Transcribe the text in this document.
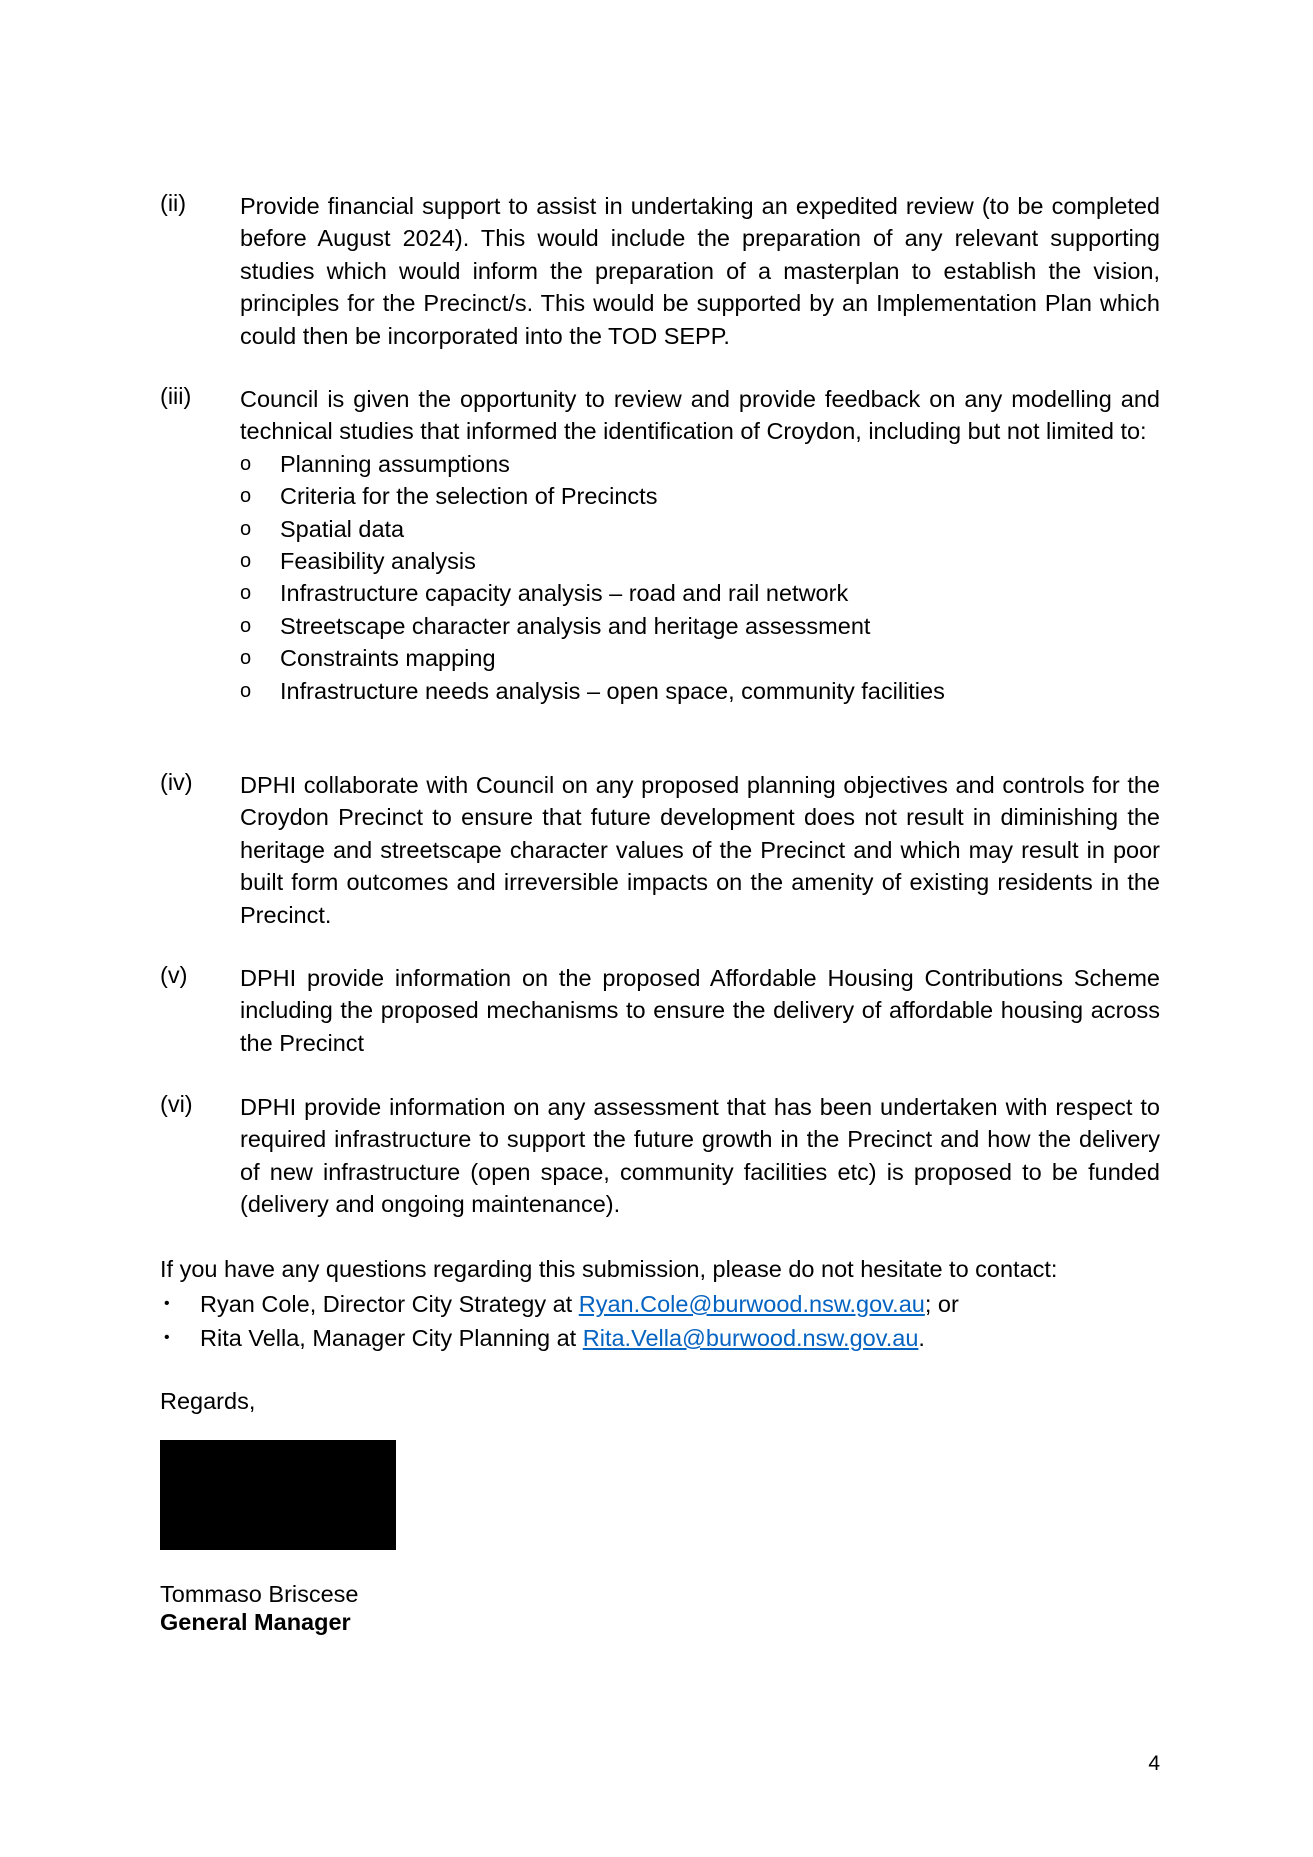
(ii)	Provide financial support to assist in undertaking an expedited review (to be completed before August 2024). This would include the preparation of any relevant supporting studies which would inform the preparation of a masterplan to establish the vision, principles for the Precinct/s. This would be supported by an Implementation Plan which could then be incorporated into the TOD SEPP.

(iii)	Council is given the opportunity to review and provide feedback on any modelling and technical studies that informed the identification of Croydon, including but not limited to:

o	Planning assumptions
o	Criteria for the selection of Precincts
o	Spatial data
o	Feasibility analysis
o	Infrastructure capacity analysis – road and rail network
o	Streetscape character analysis and heritage assessment
o	Constraints mapping
o	Infrastructure needs analysis – open space, community facilities
(iv)	DPHI collaborate with Council on any proposed planning objectives and controls for the Croydon Precinct to ensure that future development does not result in diminishing the heritage and streetscape character values of the Precinct and which may result in poor built form outcomes and irreversible impacts on the amenity of existing residents in the Precinct.

(v)	DPHI provide information on the proposed Affordable Housing Contributions Scheme including the proposed mechanisms to ensure the delivery of affordable housing across the Precinct

(vi)	DPHI provide information on any assessment that has been undertaken with respect to required infrastructure to support the future growth in the Precinct and how the delivery of new infrastructure (open space, community facilities etc) is proposed to be funded (delivery and ongoing maintenance).

If you have any questions regarding this submission, please do not hesitate to contact:
• Ryan Cole, Director City Strategy at Ryan.Cole@burwood.nsw.gov.au; or
• Rita Vella, Manager City Planning at Rita.Vella@burwood.nsw.gov.au.
Regards,
Tommaso Briscese
General Manager
4
